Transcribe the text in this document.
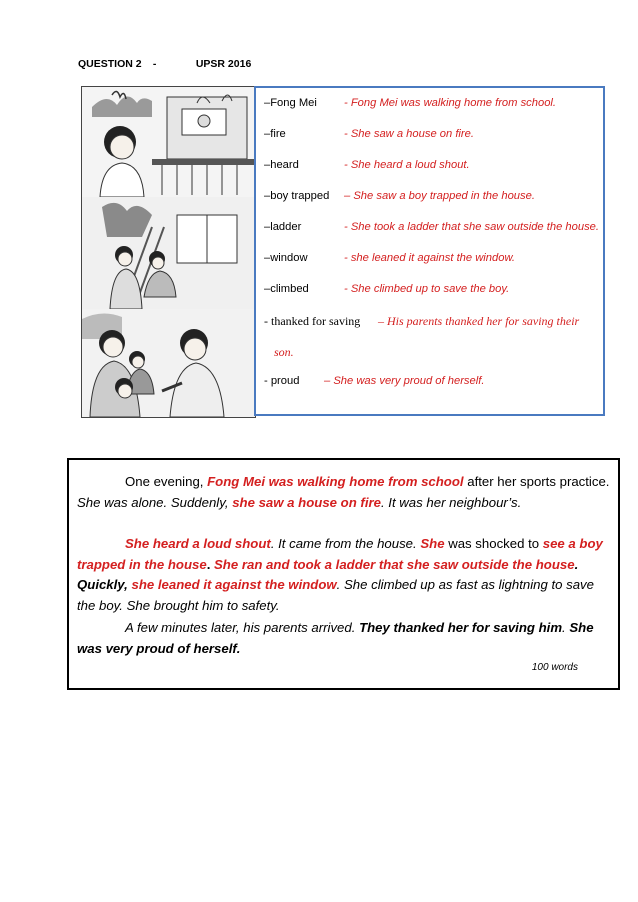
QUESTION 2 -	UPSR 2016
–Fong Mei - Fong Mei was walking home from school.
–fire	- She saw a house on fire.
–heard	- She heard a loud shout.
–boy trapped – She saw a boy trapped in the house.
–ladder	- She took a ladder that she saw outside the house.
–window	- she leaned it against the window.
–climbed	- She climbed up to save the boy.
- thanked for saving – His parents thanked her for saving their
son.
- proud – She was very proud of herself.

One evening, Fong Mei was walking home from school after her sports practice. She was alone. Suddenly, she saw a house on fire. It was her neighbour’s.

She heard a loud shout. It came from the house. She was shocked to see a boy trapped in the house. She ran and took a ladder that she saw outside the house. Quickly, she leaned it against the window. She climbed up as fast as lightning to save the boy. She brought him to safety.

A few minutes later, his parents arrived. They thanked her for saving him. She was very proud of herself.

100 words
